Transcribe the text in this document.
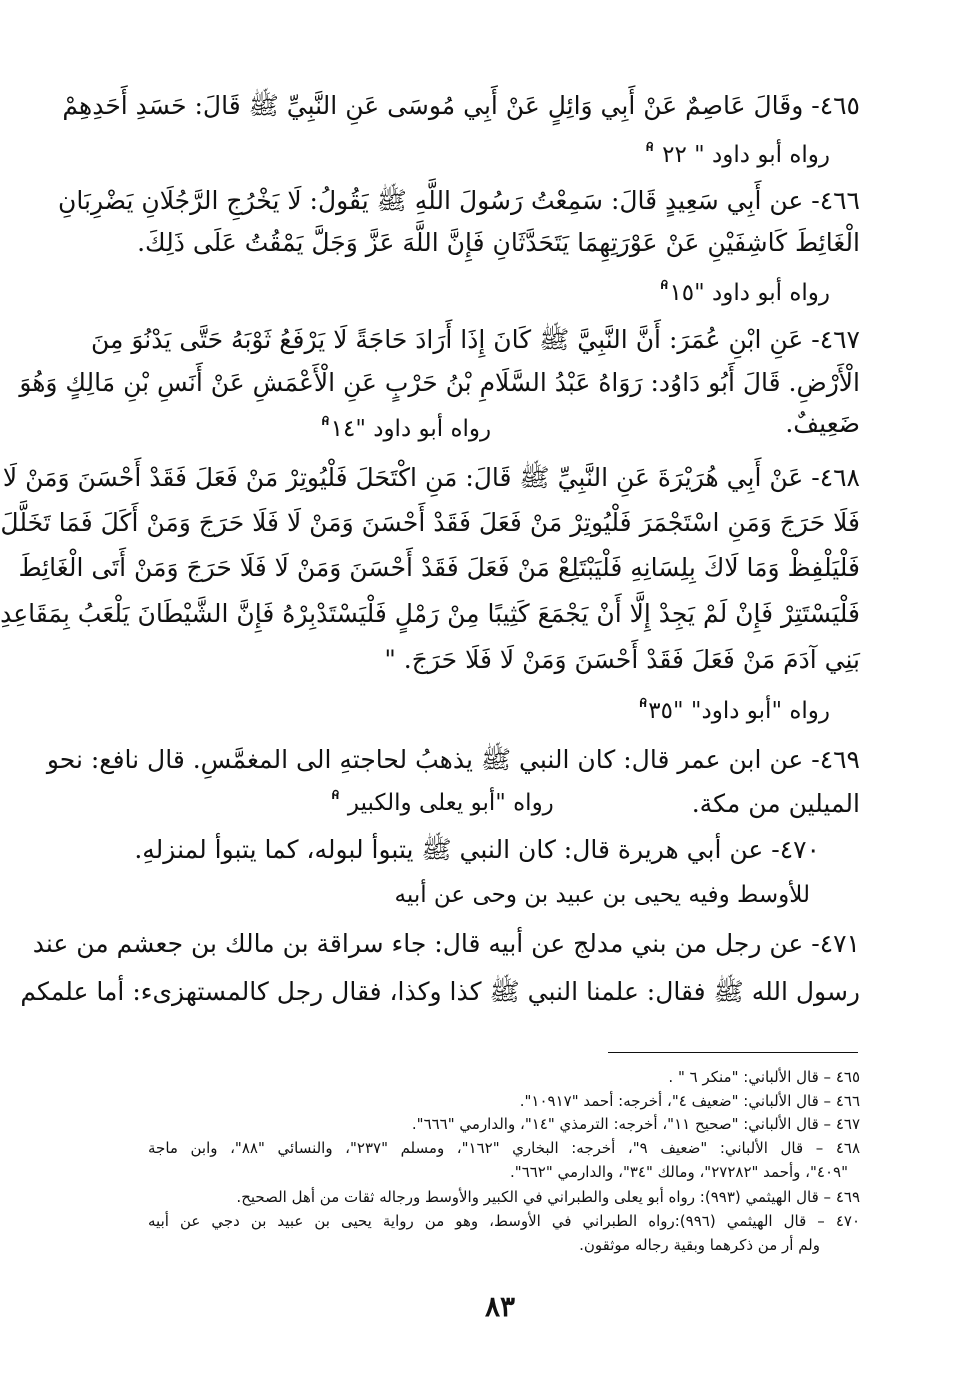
٤٦٥- وقَالَ عَاصِمٌ عَنْ أَبِي وَائِلٍ عَنْ أَبِي مُوسَى عَنِ النَّبِيِّ ﷺ قَالَ: حَسَدِ أَحَدِهِمْ
رواه أبو داود " ٢٢ "ْ
٤٦٦- عن أَبِي سَعِيدٍ قَالَ: سَمِعْتُ رَسُولَ اللَّهِ ﷺ يَقُولُ: لَا يَخْرُجِ الرَّجُلَانِ يَضْرِبَانِ
الْغَائِطَ كَاشِفَيْنِ عَنْ عَوْرَتِهِمَا يَتَحَدَّثَانِ فَإِنَّ اللَّهَ عَزَّ وَجَلَّ يَمْقُتُ عَلَى ذَلِكَ.
رواه أبو داود "١٥"ْ
٤٦٧- عَنِ ابْنِ عُمَرَ: أَنَّ النَّبِيَّ ﷺ كَانَ إِذَا أَرَادَ حَاجَةً لَا يَرْفَعُ ثَوْبَهُ حَتَّى يَدْنُوَ مِنَ
الْأَرْضِ. قَالَ أَبُو دَاوُد: رَوَاهُ عَبْدُ السَّلَامِ بْنُ حَرْبٍ عَنِ الْأَعْمَشِ عَنْ أَنَسِ بْنِ مَالِكٍ وَهُوَ
ضَعِيفٌ.
رواه أبو داود "١٤"ْ
٤٦٨- عَنْ أَبِي هُرَيْرَةَ عَنِ النَّبِيِّ ﷺ قَالَ: مَنِ اكْتَحَلَ فَلْيُوتِرْ مَنْ فَعَلَ فَقَدْ أَحْسَنَ وَمَنْ لَا
فَلَا حَرَجَ وَمَنِ اسْتَجْمَرَ فَلْيُوتِرْ مَنْ فَعَلَ فَقَدْ أَحْسَنَ وَمَنْ لَا فَلَا حَرَجَ وَمَنْ أَكَلَ فَمَا تَخَلَّلَ
فَلْيَلْفِظْ وَمَا لَاكَ بِلِسَانِهِ فَلْيَبْتَلِعْ مَنْ فَعَلَ فَقَدْ أَحْسَنَ وَمَنْ لَا فَلَا حَرَجَ وَمَنْ أَتَى الْغَائِطَ
فَلْيَسْتَتِرْ فَإِنْ لَمْ يَجِدْ إِلَّا أَنْ يَجْمَعَ كَثِيبًا مِنْ رَمْلٍ فَلْيَسْتَدْبِرْهُ فَإِنَّ الشَّيْطَانَ يَلْعَبُ بِمَقَاعِدِ
بَنِي آدَمَ مَنْ فَعَلَ فَقَدْ أَحْسَنَ وَمَنْ لَا فَلَا حَرَجَ. "
رواه "أبو داود" "٣٥"ْ
٤٦٩- عن ابن عمر قال: كان النبي ﷺ يذهبُ لحاجتهِ الى المغمَّسِ. قال نافع: نحو
الميلين من مكة.
رواه "أبو يعلى والكبير "ْ
٤٧٠- عن أبي هريرة قال: كان النبي ﷺ يتبوأ لبوله، كما يتبوأ لمنزلهِ.
للأوسط وفيه يحيى بن عبيد بن وحى عن أبيه
٤٧١- عن رجل من بني مدلج عن أبيه قال: جاء سراقة بن مالك بن جعشم من عند
رسول الله ﷺ فقال: علمنا النبي ﷺ كذا وكذا، فقال رجل كالمستهزىء: أما علمكم
٤٦٥ – قال الألباني: "منكر ٦ " .
٤٦٦ – قال الألباني: "ضعيف ٤"، أخرجه: أحمد "١٠٩١٧".
٤٦٧ – قال الألباني: "صحيح ١١"، أخرجه: الترمذي "١٤"، والدارمي "٦٦٦".
٤٦٨ – قال الألباني: "ضعيف ٩"، أخرجه: البخاري "١٦٢"، ومسلم "٢٣٧"، والنسائي "٨٨"، وابن ماجة
"٤٠٩"، وأحمد "٢٧٢٨٢"، ومالك "٣٤"، والدارمي "٦٦٢".
٤٦٩ – قال الهيثمي (٩٩٣): رواه أبو يعلى والطبراني في الكبير والأوسط ورجاله ثقات من أهل الصحيح.
٤٧٠ – قال الهيثمي (٩٩٦):رواه الطبراني في الأوسط، وهو من رواية يحيى بن عبيد بن دجي عن أبيه
ولم أر من ذكرهما وبقية رجاله موثقون.
٨٣
